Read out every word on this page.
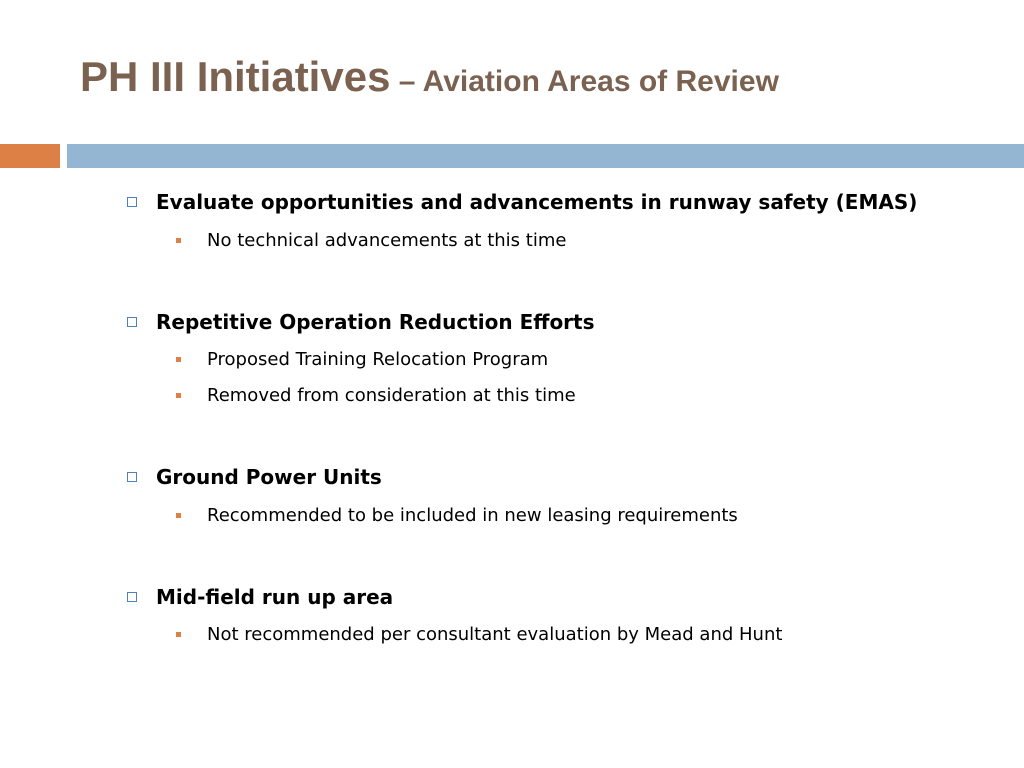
PH III Initiatives – Aviation Areas of Review
Evaluate opportunities and advancements in runway safety (EMAS)
No technical advancements at this time
Repetitive Operation Reduction Efforts
Proposed Training Relocation Program
Removed from consideration at this time
Ground Power Units
Recommended to be included in new leasing requirements
Mid-field run up area
Not recommended per consultant evaluation by Mead and Hunt
